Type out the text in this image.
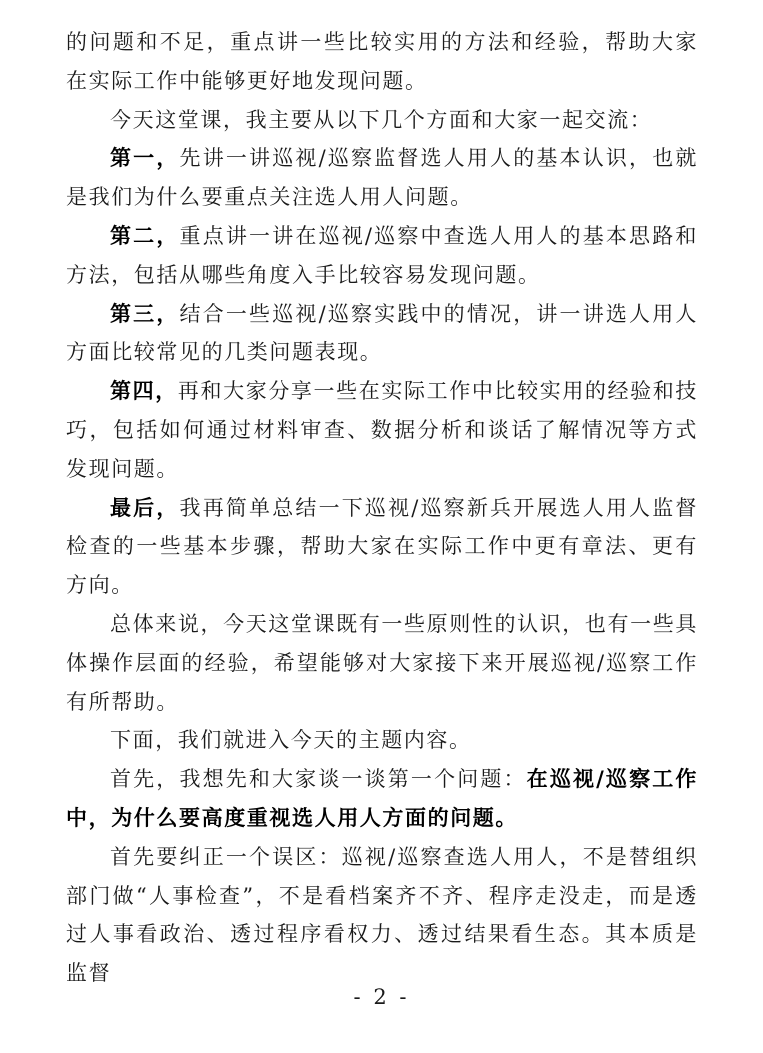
的问题和不足，重点讲一些比较实用的方法和经验，帮助大家在实际工作中能够更好地发现问题。

今天这堂课，我主要从以下几个方面和大家一起交流：

第一，先讲一讲巡视/巡察监督选人用人的基本认识，也就是我们为什么要重点关注选人用人问题。

第二，重点讲一讲在巡视/巡察中查选人用人的基本思路和方法，包括从哪些角度入手比较容易发现问题。

第三，结合一些巡视/巡察实践中的情况，讲一讲选人用人方面比较常见的几类问题表现。

第四，再和大家分享一些在实际工作中比较实用的经验和技巧，包括如何通过材料审查、数据分析和谈话了解情况等方式发现问题。

最后，我再简单总结一下巡视/巡察新兵开展选人用人监督检查的一些基本步骤，帮助大家在实际工作中更有章法、更有方向。

总体来说，今天这堂课既有一些原则性的认识，也有一些具体操作层面的经验，希望能够对大家接下来开展巡视/巡察工作有所帮助。

下面，我们就进入今天的主题内容。

首先，我想先和大家谈一谈第一个问题：在巡视/巡察工作中，为什么要高度重视选人用人方面的问题。

首先要纠正一个误区：巡视/巡察查选人用人，不是替组织部门做“人事检查”，不是看档案齐不齐、程序走没走，而是透过人事看政治、透过程序看权力、透过结果看生态。其本质是监督

- 2 -
